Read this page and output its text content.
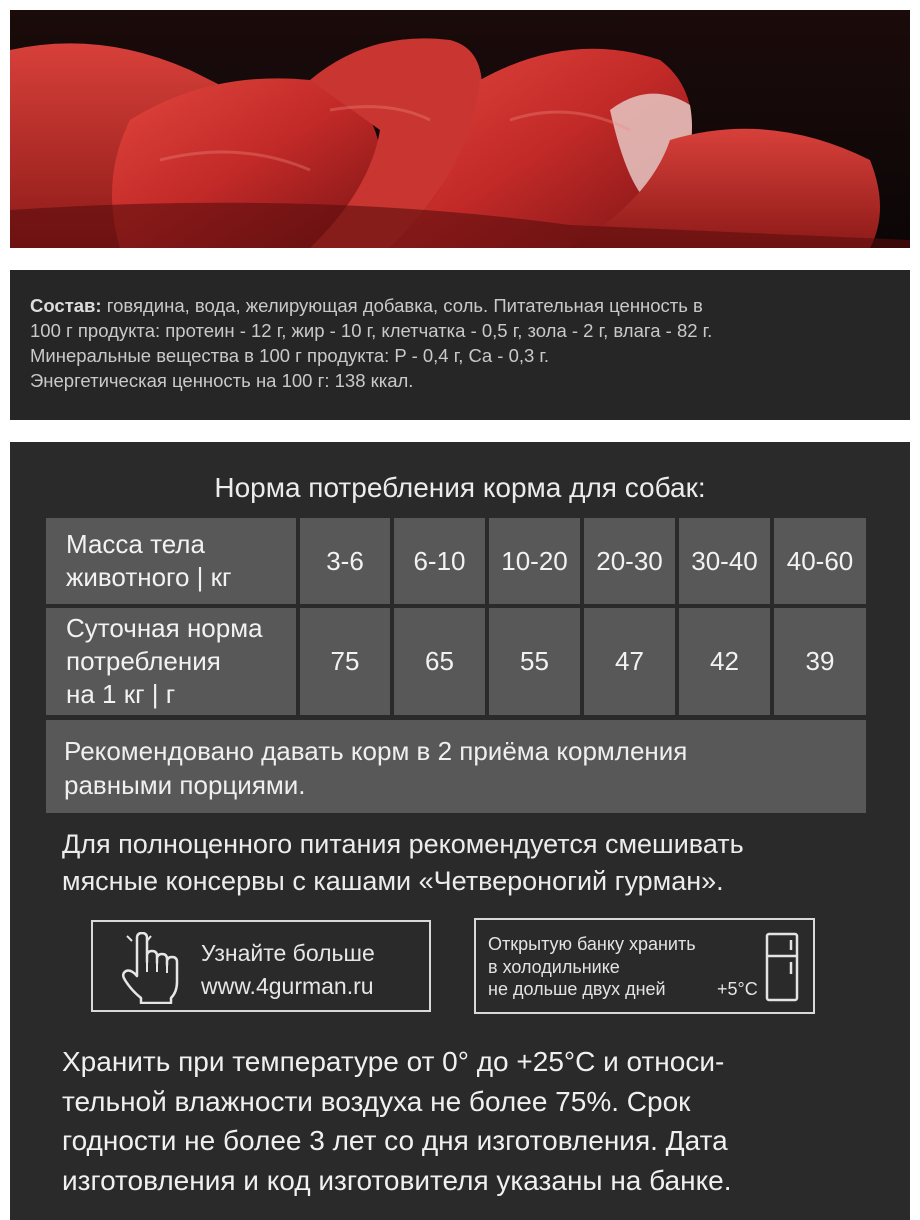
Состав: говядина, вода, желирующая добавка, соль. Питательная ценность в
100 г продукта: протеин - 12 г, жир - 10 г, клетчатка - 0,5 г, зола - 2 г, влага - 82 г.
Минеральные вещества в 100 г продукта: P - 0,4 г, Ca - 0,3 г.
Энергетическая ценность на 100 г: 138 ккал.
Норма потребления корма для собак:
Масса тела
животного | кг
3-6	6-10	10-20	20-30	30-40	40-60
Суточная норма
потребления
на 1 кг | г
75	65	55	47	42	39
Рекомендовано давать корм в 2 приёма кормления
равными порциями.
Для полноценного питания рекомендуется смешивать
мясные консервы с кашами «Четвероногий гурман».
Узнайте больше
www.4gurman.ru
Открытую банку хранить
в холодильнике
не дольше двух дней	+5°C
Хранить при температуре от 0° до +25°C и относи-
тельной влажности воздуха не более 75%. Срок
годности не более 3 лет со дня изготовления. Дата
изготовления и код изготовителя указаны на банке.
